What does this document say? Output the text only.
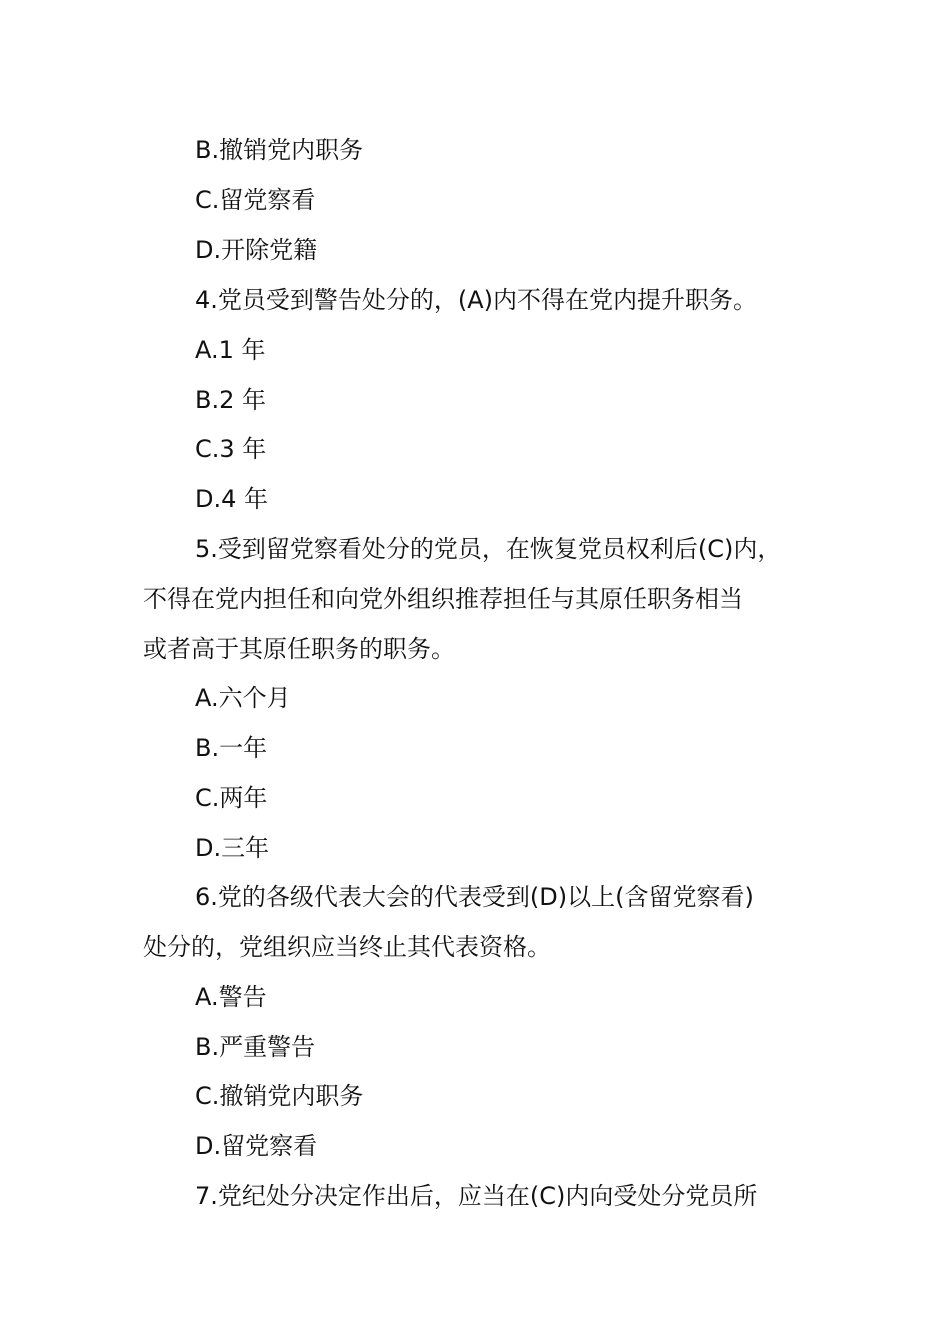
B.撤销党内职务
C.留党察看
D.开除党籍
4.党员受到警告处分的，(A)内不得在党内提升职务。
A.1 年
B.2 年
C.3 年
D.4 年
5.受到留党察看处分的党员，在恢复党员权利后(C)内，
不得在党内担任和向党外组织推荐担任与其原任职务相当
或者高于其原任职务的职务。
A.六个月
B.一年
C.两年
D.三年
6.党的各级代表大会的代表受到(D)以上(含留党察看)
处分的，党组织应当终止其代表资格。
A.警告
B.严重警告
C.撤销党内职务
D.留党察看
7.党纪处分决定作出后，应当在(C)内向受处分党员所
